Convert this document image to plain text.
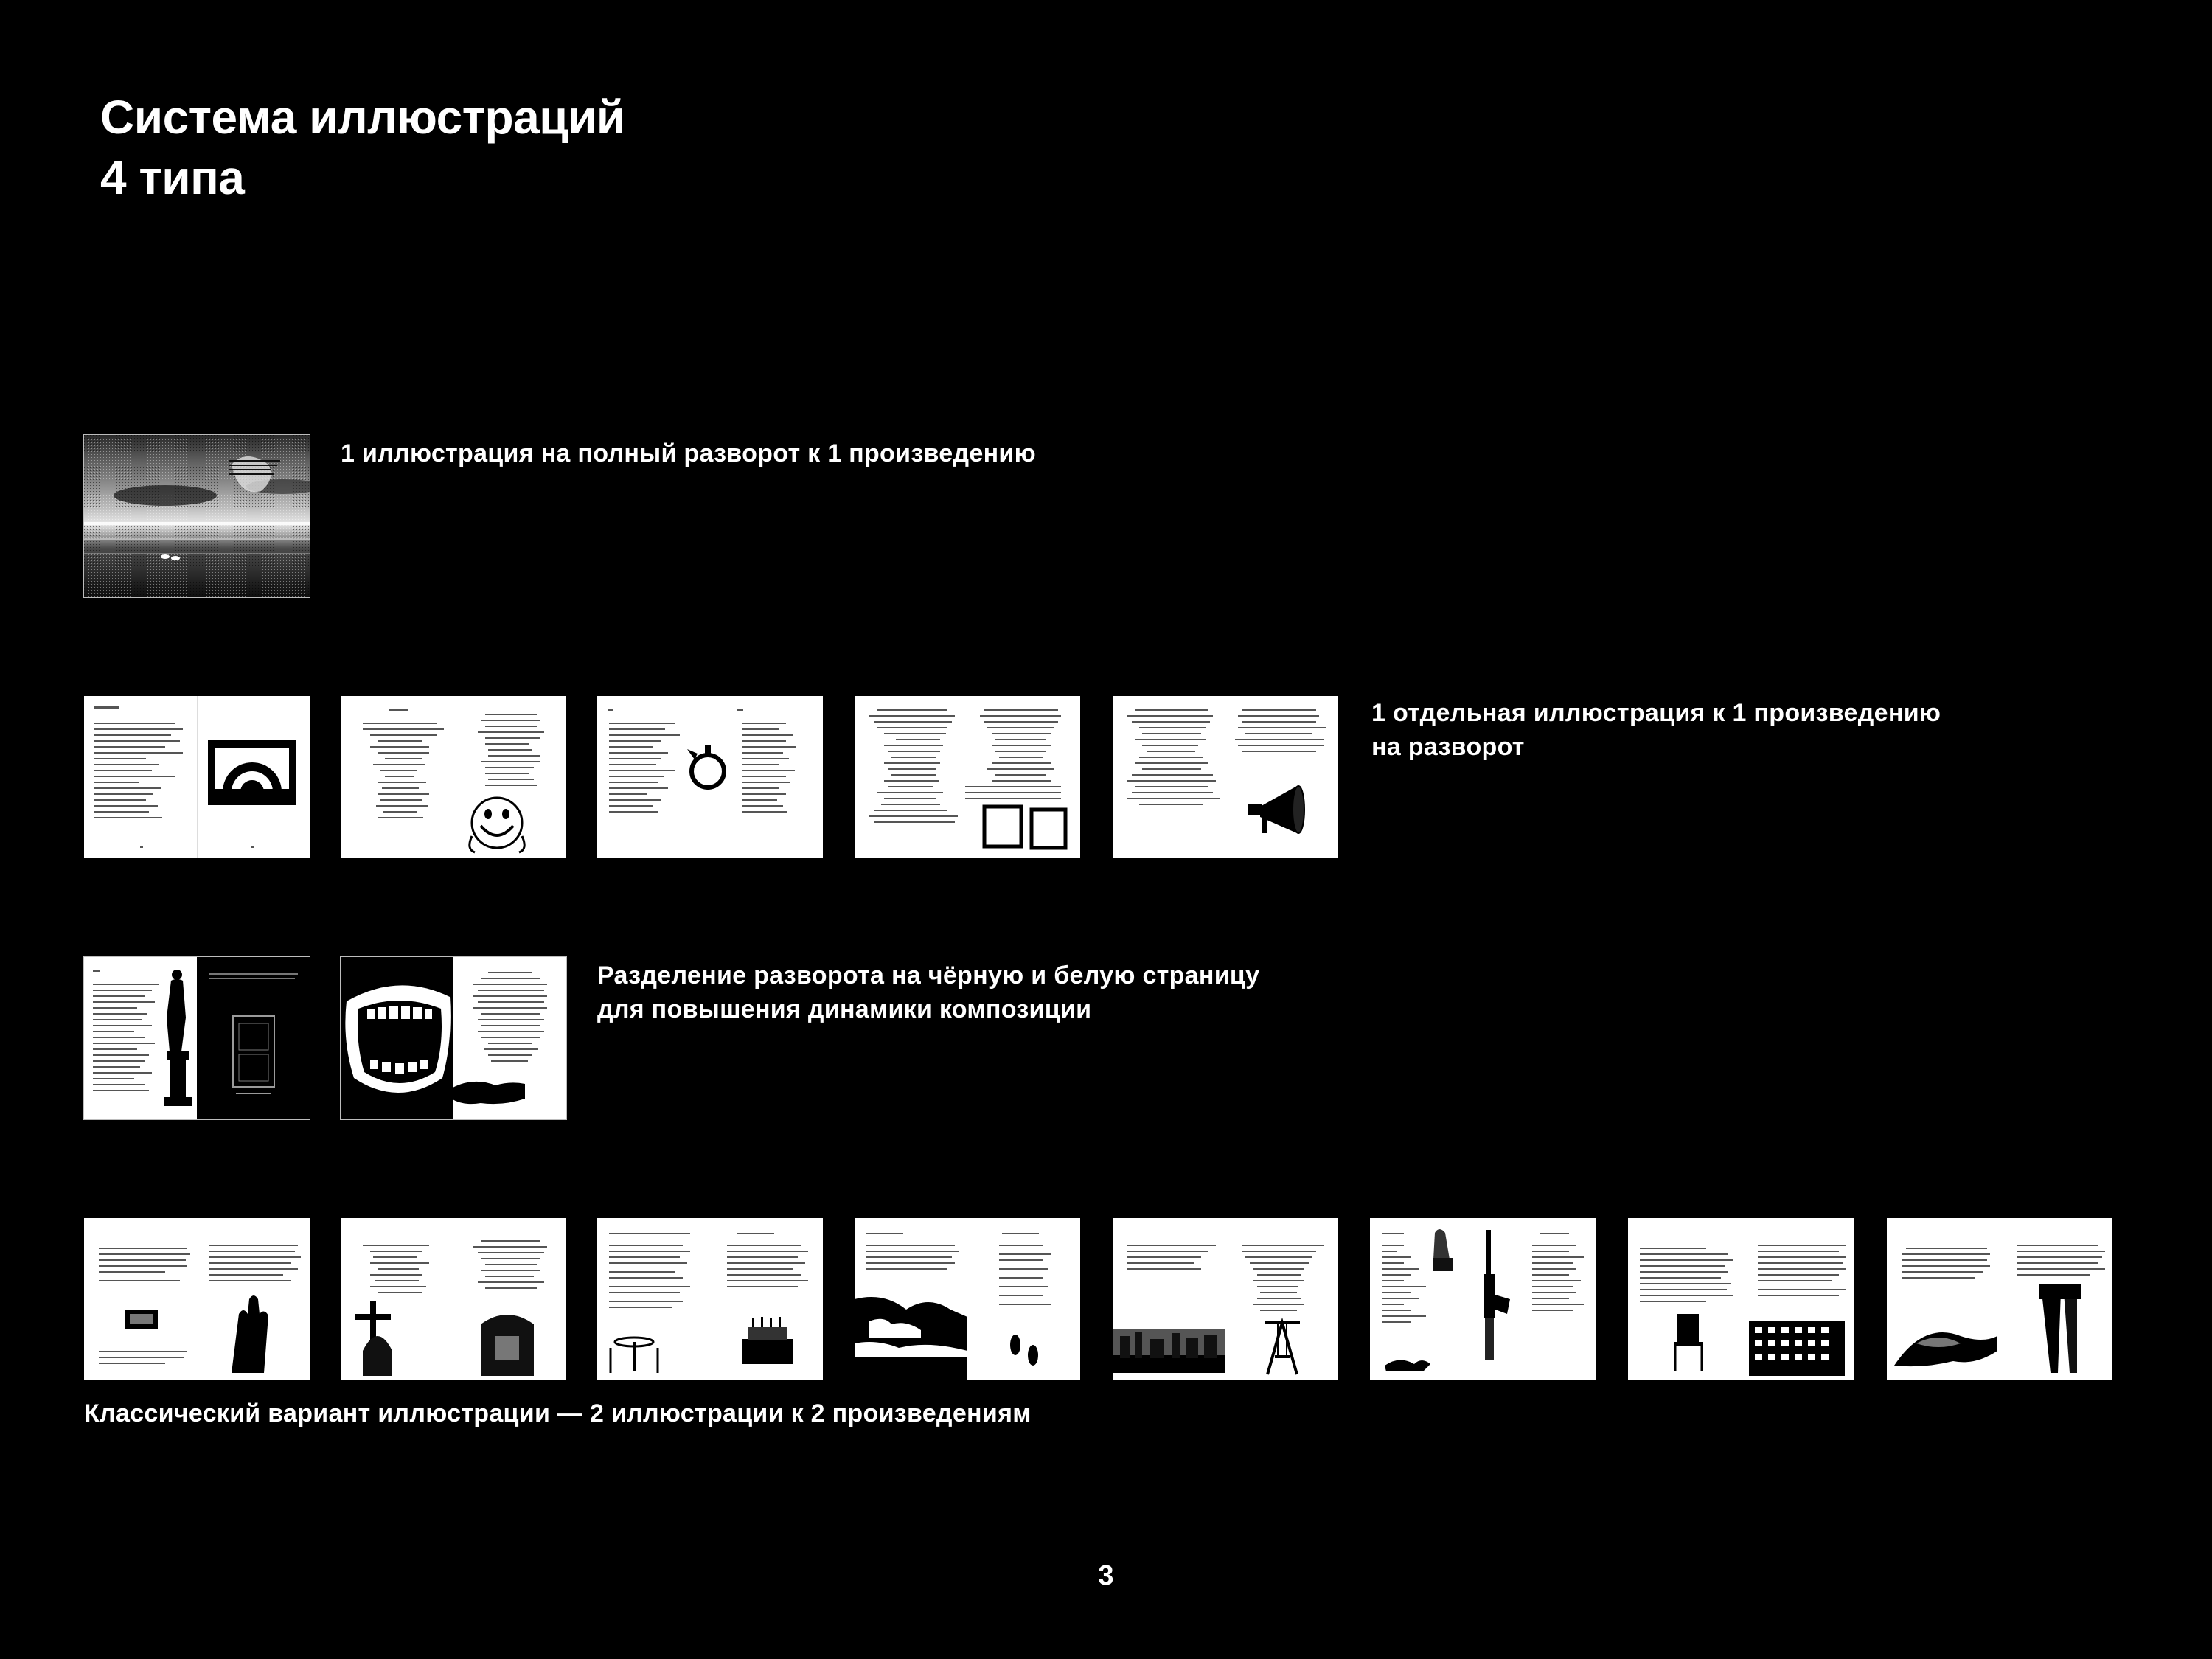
Система иллюстраций
4 типа
1 иллюстрация на полный разворот к 1 произведению
1 отдельная иллюстрация к 1 произведению
на разворот
Разделение разворота на чёрную и белую страницу
для повышения динамики композиции
Классический вариант иллюстрации — 2 иллюстрации к 2 произведениям
3
